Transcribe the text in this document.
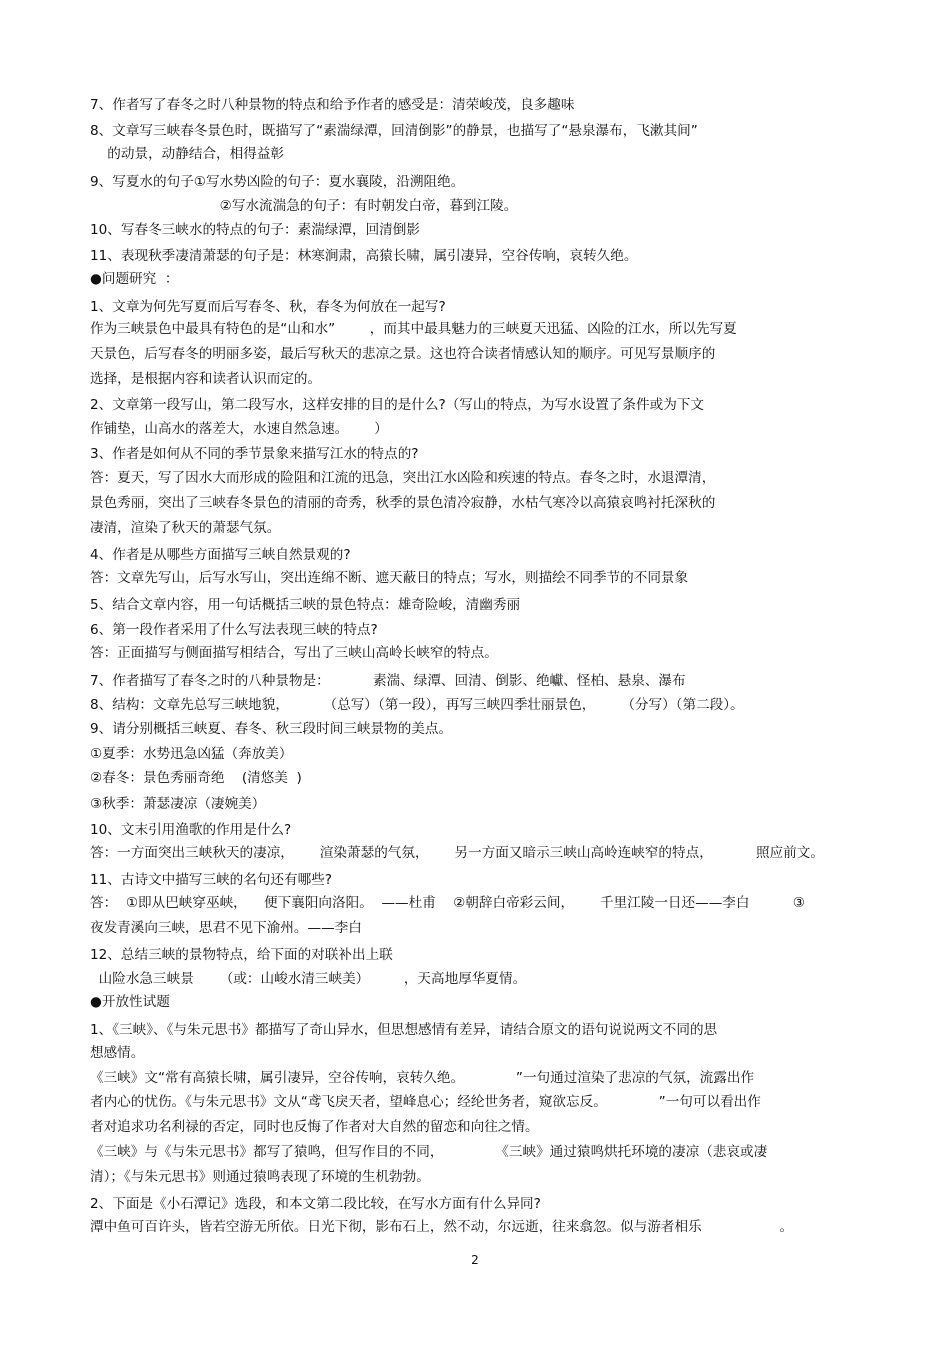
7、作者写了春冬之时八种景物的特点和给予作者的感受是：清荣峻茂，良多趣味
8、文章写三峡春冬景色时，既描写了“素湍绿潭，回清倒影”的静景，也描写了“悬泉瀑布，飞漱其间”
的动景，动静结合，相得益彰
9、写夏水的句子①写水势凶险的句子：夏水襄陵，沿溯阻绝。
②写水流湍急的句子：有时朝发白帝，暮到江陵。
10、写春冬三峡水的特点的句子：素湍绿潭，回清倒影
11、表现秋季凄清萧瑟的句子是：林寒涧肃，高猿长啸，属引凄异，空谷传响，哀转久绝。
●问题研究  ：
1、文章为何先写夏而后写春冬、秋，春冬为何放在一起写?
作为三峡景色中最具有特色的是“山和水”        ，而其中最具魅力的三峡夏天迅猛、凶险的江水，所以先写夏
天景色，后写春冬的明丽多姿，最后写秋天的悲凉之景。这也符合读者情感认知的顺序。可见写景顺序的
选择，是根据内容和读者认识而定的。
2、文章第一段写山，第二段写水，这样安排的目的是什么?（写山的特点，为写水设置了条件或为下文
作铺垫，山高水的落差大，水速自然急速。      ）
3、作者是如何从不同的季节景象来描写江水的特点的?
答：夏天，写了因水大而形成的险阻和江流的迅急，突出江水凶险和疾速的特点。春冬之时，水退潭清，
景色秀丽，突出了三峡春冬景色的清丽的奇秀，秋季的景色清冷寂静，水枯气寒冷以高猿哀鸣衬托深秋的
凄清，渲染了秋天的萧瑟气氛。
4、作者是从哪些方面描写三峡自然景观的?
答：文章先写山，后写水写山，突出连绵不断、遮天蔽日的特点；写水，则描绘不同季节的不同景象
5、结合文章内容，用一句话概括三峡的景色特点：雄奇险峻，清幽秀丽
6、第一段作者采用了什么写法表现三峡的特点?
答：正面描写与侧面描写相结合，写出了三峡山高岭长峡窄的特点。
7、作者描写了春冬之时的八种景物是：          素湍、绿潭、回清、倒影、绝巘、怪柏、悬泉、瀑布
8、结构：文章先总写三峡地貌，        （总写）（第一段），再写三峡四季壮丽景色，      （分写）（第二段）。
9、请分别概括三峡夏、春冬、秋三段时间三峡景物的美点。
①夏季：水势迅急凶猛（奔放美）
②春冬：景色秀丽奇绝    (清悠美  )
③秋季：萧瑟凄凉（凄婉美）
10、文末引用渔歌的作用是什么?
答：一方面突出三峡秋天的凄凉，      渲染萧瑟的气氛，      另一方面又暗示三峡山高岭连峡窄的特点，          照应前文。
11、古诗文中描写三峡的名句还有哪些?
答：  ①即从巴峡穿巫峡，    便下襄阳向洛阳。  ——杜甫    ②朝辞白帝彩云间，      千里江陵一日还——李白          ③
夜发青溪向三峡，思君不见下渝州。——李白
12、总结三峡的景物特点，给下面的对联补出上联
山险水急三峡景      （或：山峻水清三峡美）        ，天高地厚华夏情。
●开放性试题
1、《三峡》、《与朱元思书》都描写了奇山异水，但思想感情有差异，请结合原文的语句说说两文不同的思
想感情。
《三峡》文“常有高猿长啸，属引凄异，空谷传响，哀转久绝。            ”一句通过渲染了悲凉的气氛，流露出作
者内心的忧伤。《与朱元思书》文从“鸢飞戾天者，望峰息心；经纶世务者，窥欲忘反。            ”一句可以看出作
者对追求功名利禄的否定，同时也反悔了作者对大自然的留恋和向往之情。
《三峡》与《与朱元思书》都写了猿鸣，但写作目的不同，            《三峡》通过猿鸣烘托环境的凄凉（悲哀或凄
清）；《与朱元思书》则通过猿鸣表现了环境的生机勃勃。
2、下面是《小石潭记》选段，和本文第二段比较，在写水方面有什么异同?
潭中鱼可百许头，皆若空游无所依。日光下彻，影布石上，然不动，尔远逝，往来翕忽。似与游者相乐                  。
2
